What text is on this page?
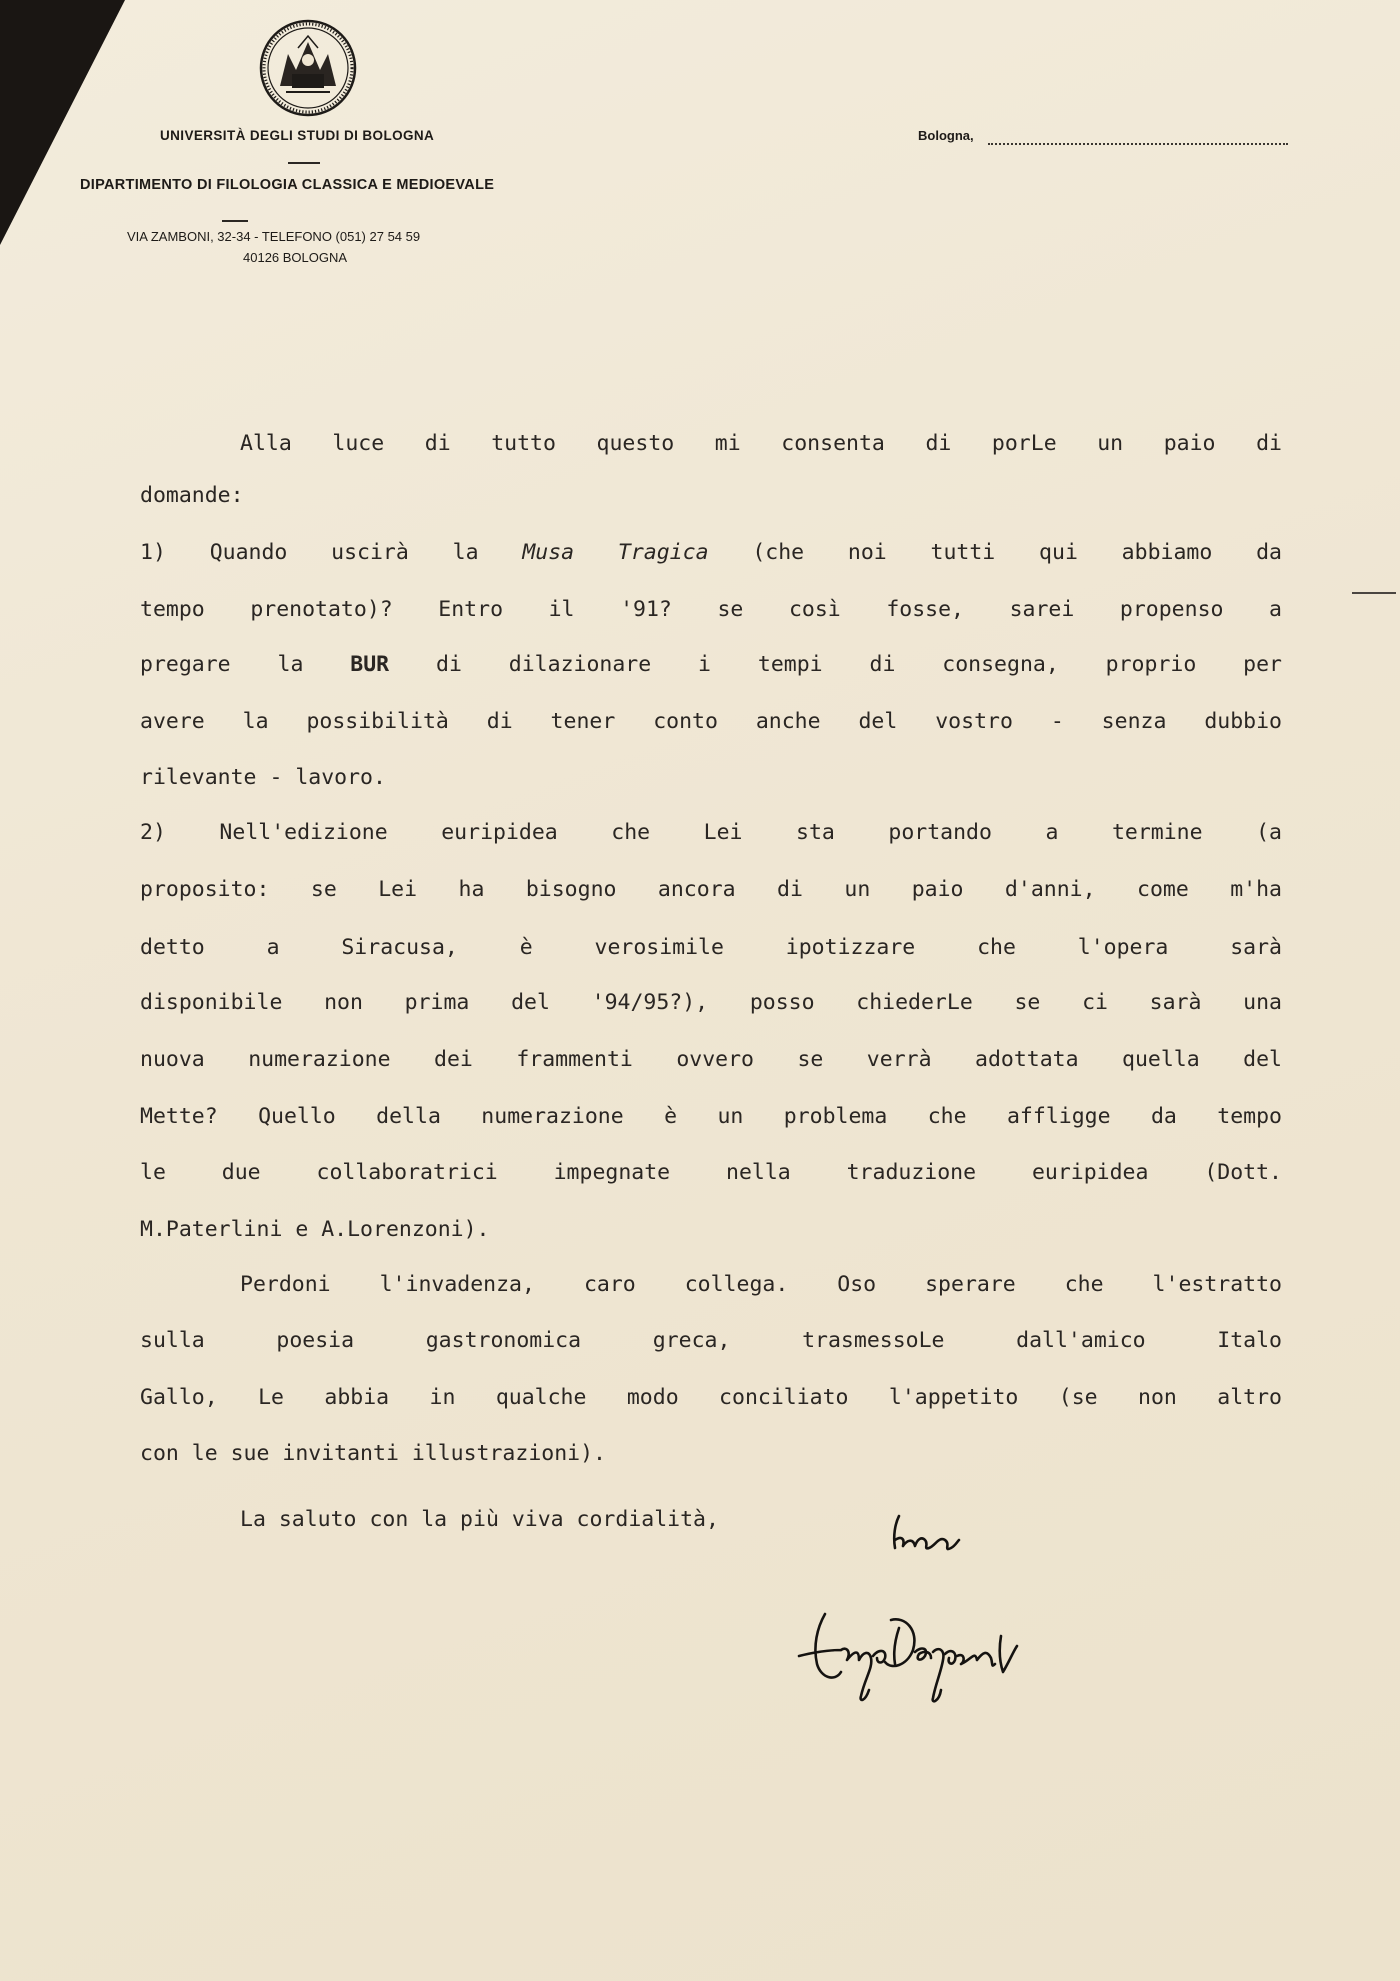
UNIVERSITÀ DEGLI STUDI DI BOLOGNA
DIPARTIMENTO DI FILOLOGIA CLASSICA E MEDIOEVALE
VIA ZAMBONI, 32-34 - TELEFONO (051) 27 54 59
40126 BOLOGNA
Bologna,
Alla luce di tutto questo mi consenta di porLe un paio di
domande:
1) Quando uscirà la Musa Tragica (che noi tutti qui abbiamo da
tempo prenotato)? Entro il '91? se così fosse, sarei propenso a
pregare la BUR di dilazionare i tempi di consegna, proprio per
avere la possibilità di tener conto anche del vostro - senza dubbio
rilevante - lavoro.
2) Nell'edizione euripidea che Lei sta portando a termine (a
proposito: se Lei ha bisogno ancora di un paio d'anni, come m'ha
detto a Siracusa, è verosimile ipotizzare che l'opera sarà
disponibile non prima del '94/95?), posso chiederLe se ci sarà una
nuova numerazione dei frammenti ovvero se verrà adottata quella del
Mette? Quello della numerazione è un problema che affligge da tempo
le due collaboratrici impegnate nella traduzione euripidea (Dott.
M.Paterlini e A.Lorenzoni).
Perdoni l'invadenza, caro collega. Oso sperare che l'estratto
sulla poesia gastronomica greca, trasmessoLe dall'amico Italo
Gallo, Le abbia in qualche modo conciliato l'appetito (se non altro
con le sue invitanti illustrazioni).
La saluto con la più viva cordialità,
